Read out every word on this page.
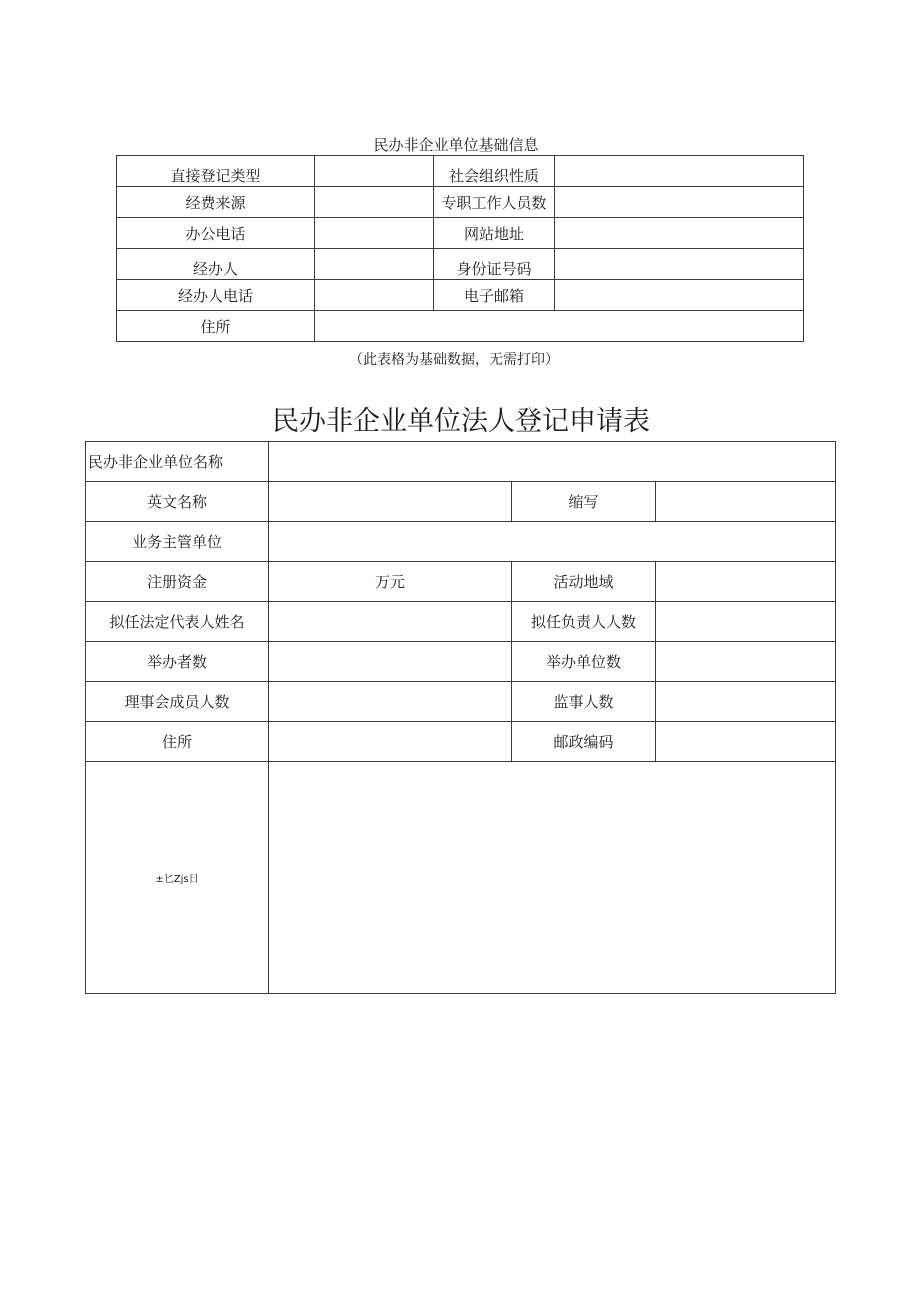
民办非企业单位基础信息
直接登记类型		社会组织性质	
经费来源		专职工作人员数	
办公电话		网站地址	
经办人		身份证号码	
经办人电话		电子邮箱	
住所			
（此表格为基础数据，无需打印）
民办非企业单位法人登记申请表
民办非企业单位名称			
英文名称		缩写	
业务主管单位			
注册资金	万元	活动地域	
拟任法定代表人姓名		拟任负责人人数	
举办者数		举办单位数	
理事会成员人数		监事人数	
住所		邮政编码	
±匕Zjs日			
